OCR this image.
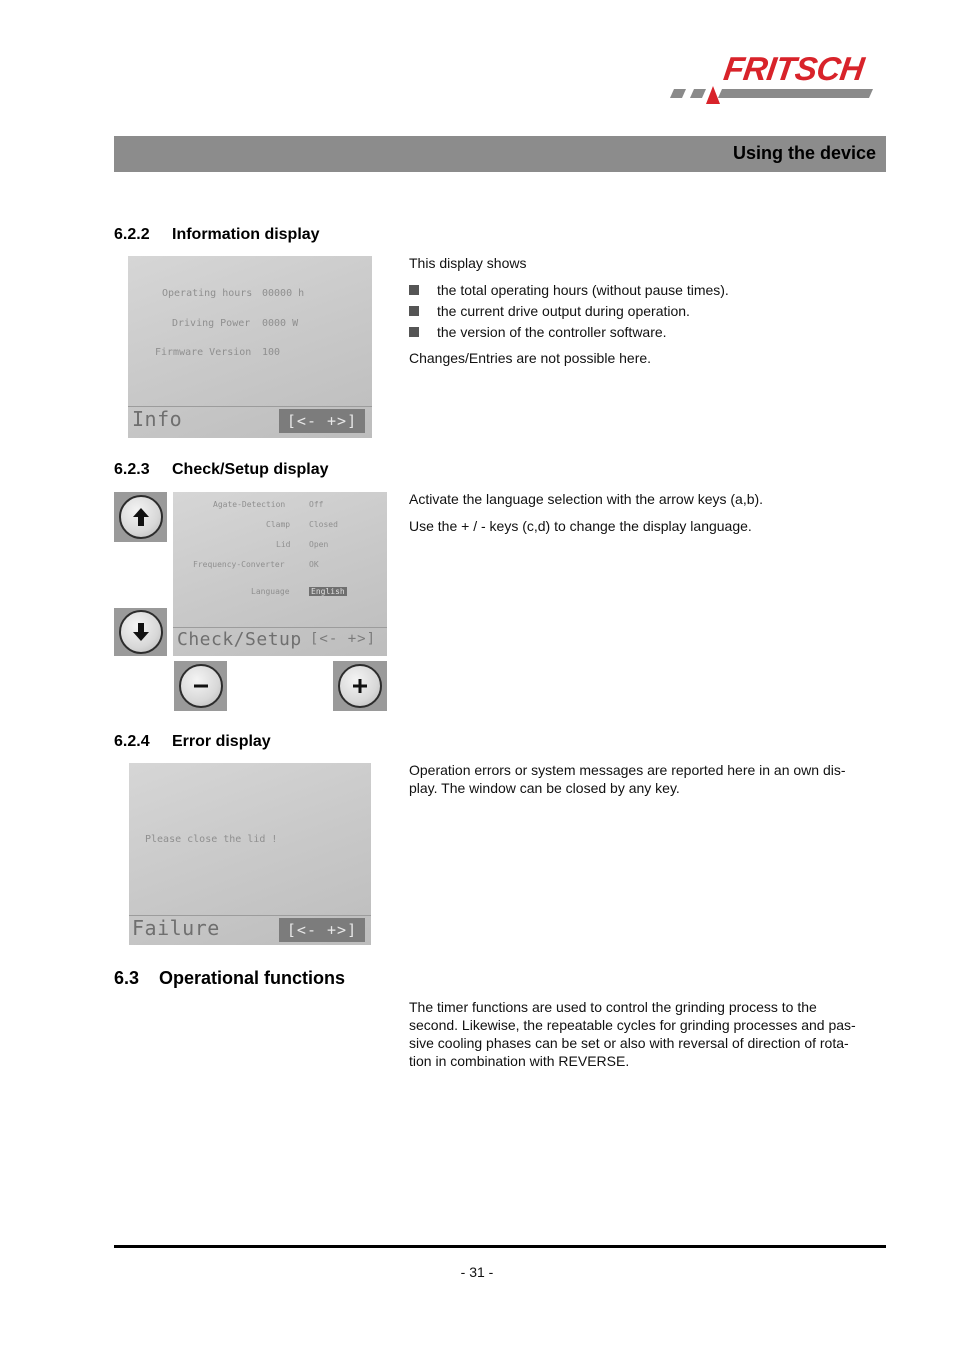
FRITSCH
Using the device
6.2.2 Information display
Operating hours 00000 h
Driving Power 0000 W
Firmware Version 100
Info	[<- +>]

This display shows

the total operating hours (without pause times).
the current drive output during operation.
the version of the controller software.

Changes/Entries are not possible here.

6.2.3 Check/Setup display
Agate-Detection	Off
Clamp Closed
Lid Open
Frequency-Converter	OK
Language	English
Check/Setup [<- +>]

Activate the language selection with the arrow keys (a,b).

Use the + / - keys (c,d) to change the display language.

6.2.4 Error display
Please close the lid !
Failure	[<- +>]

Operation errors or system messages are reported here in an own dis-

play. The window can be closed by any key.

6.3 Operational functions

The timer functions are used to control the grinding process to the

second. Likewise, the repeatable cycles for grinding processes and pas-

sive cooling phases can be set or also with reversal of direction of rota-

tion in combination with REVERSE.

- 31 -
